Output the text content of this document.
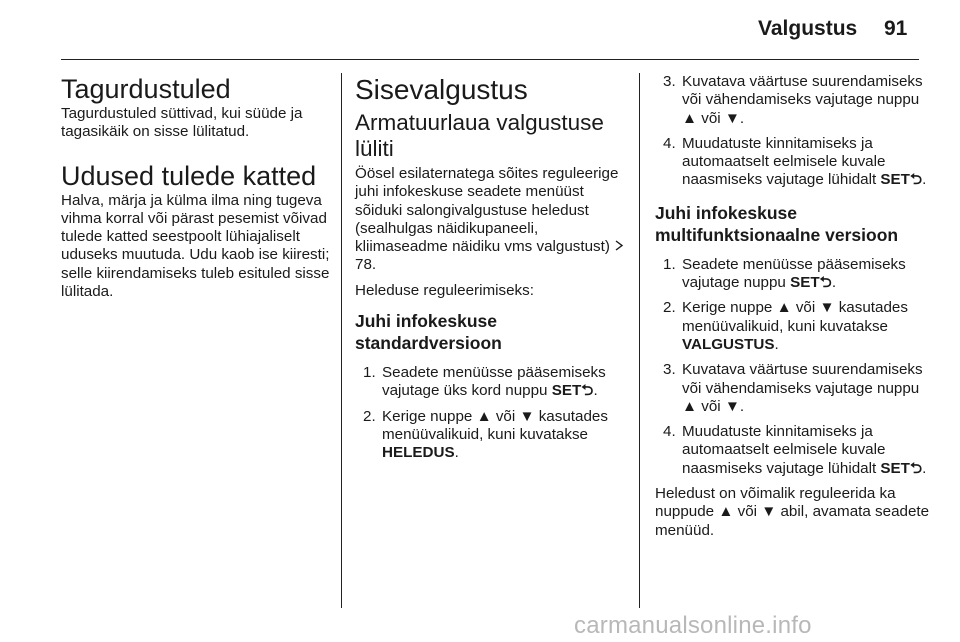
Valgustus 91
Tagurdustuled

Tagurdustuled süttivad, kui süüde ja tagasikäik on sisse lülitatud.

Udused tulede katted

Halva, märja ja külma ilma ning tugeva vihma korral või pärast pesemist võivad tulede katted seestpoolt lühiajaliselt uduseks muutuda. Udu kaob ise kiiresti; selle kiirendamiseks tuleb esituled sisse lülitada.

Sisevalgustus
Armatuurlaua valgustuse lüliti

Öösel esilaternatega sõites reguleerige juhi infokeskuse seadete menüüst sõiduki salongivalgustuse heledust (sealhulgas näidikupaneeli, kliimaseadme näidiku vms valgustust) 78.

Heleduse reguleerimiseks:

Juhi infokeskuse standardversioon
1. Seadete menüüsse pääsemiseks vajutage üks kord nuppu SET⮌.
2. Kerige nuppe ▲ või ▼ kasutades menüüvalikuid, kuni kuvatakse HELEDUS.
3. Kuvatava väärtuse suurendamiseks või vähendamiseks vajutage nuppu ▲ või ▼.
4. Muudatuste kinnitamiseks ja automaatselt eelmisele kuvale naasmiseks vajutage lühidalt SET⮌.
Juhi infokeskuse multifunktsionaalne versioon
1. Seadete menüüsse pääsemiseks vajutage nuppu SET⮌.
2. Kerige nuppe ▲ või ▼ kasutades menüüvalikuid, kuni kuvatakse VALGUSTUS.
3. Kuvatava väärtuse suurendamiseks või vähendamiseks vajutage nuppu ▲ või ▼.
4. Muudatuste kinnitamiseks ja automaatselt eelmisele kuvale naasmiseks vajutage lühidalt SET⮌.

Heledust on võimalik reguleerida ka nuppude ▲ või ▼ abil, avamata seadete menüüd.

carmanualsonline.info
